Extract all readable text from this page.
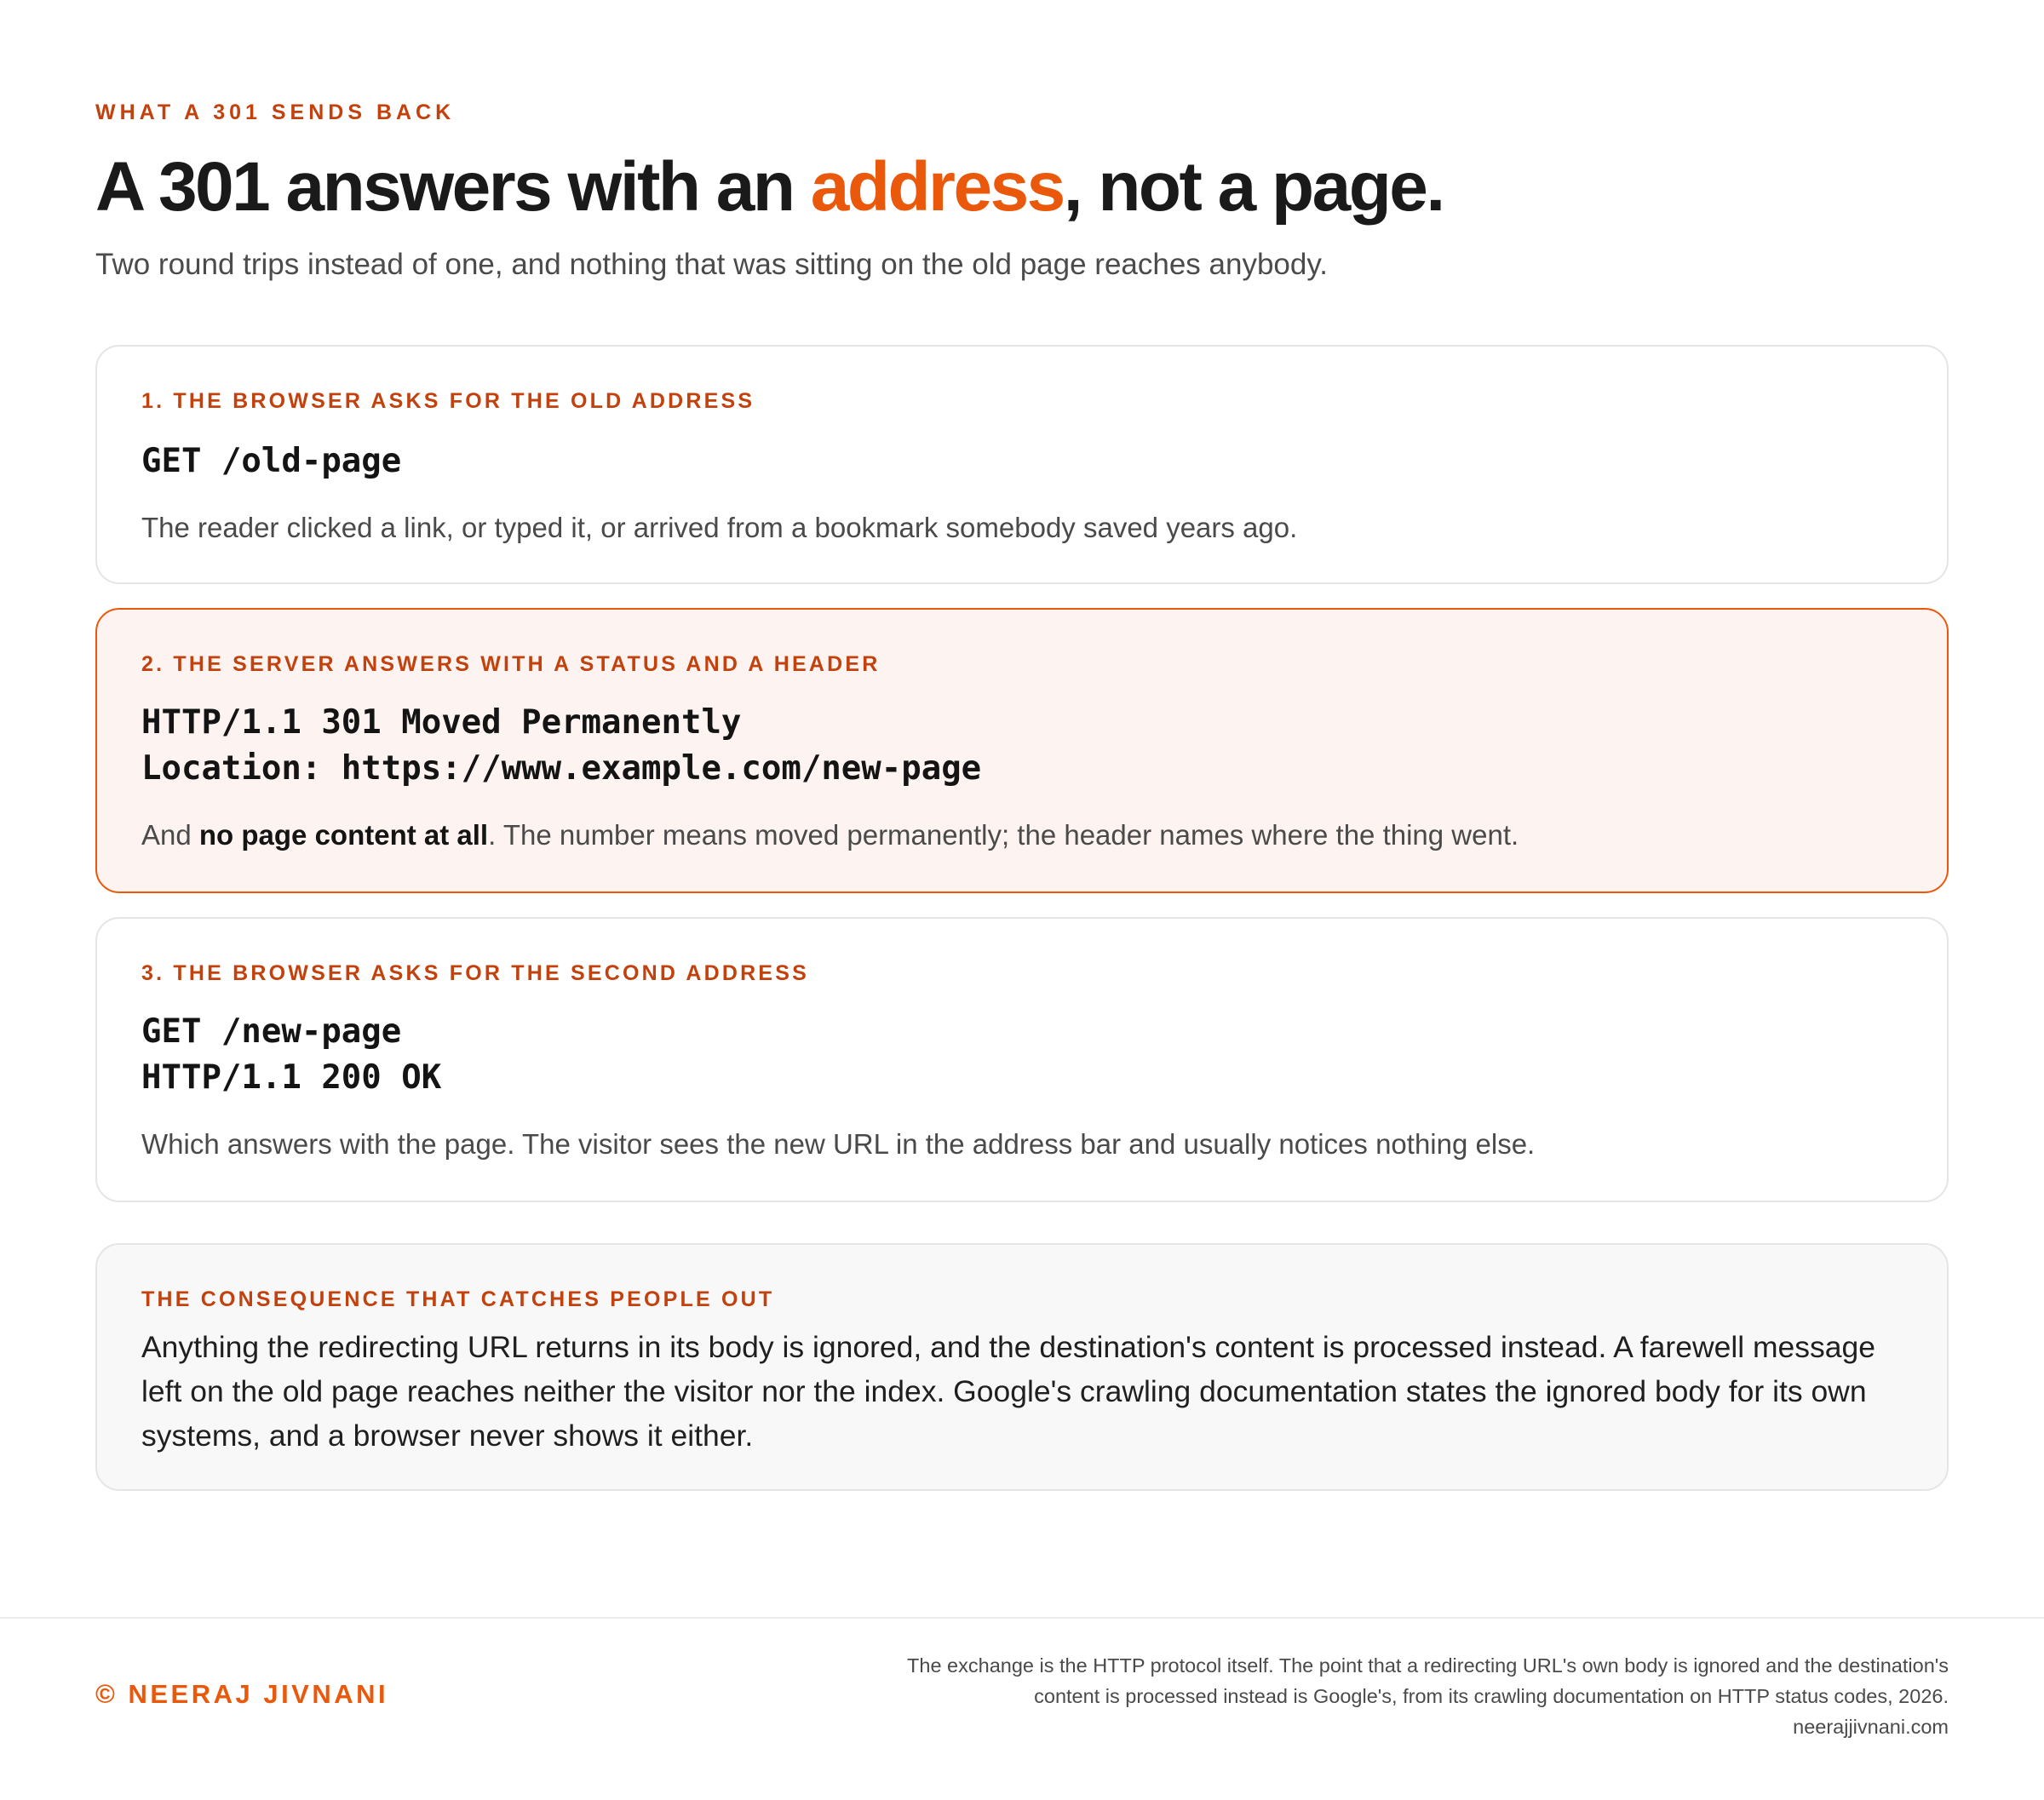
WHAT A 301 SENDS BACK
A 301 answers with an address, not a page.
Two round trips instead of one, and nothing that was sitting on the old page reaches anybody.
1. THE BROWSER ASKS FOR THE OLD ADDRESS
GET /old-page
The reader clicked a link, or typed it, or arrived from a bookmark somebody saved years ago.
2. THE SERVER ANSWERS WITH A STATUS AND A HEADER
HTTP/1.1 301 Moved Permanently
Location: https://www.example.com/new-page
And no page content at all. The number means moved permanently; the header names where the thing went.
3. THE BROWSER ASKS FOR THE SECOND ADDRESS
GET /new-page
HTTP/1.1 200 OK
Which answers with the page. The visitor sees the new URL in the address bar and usually notices nothing else.
THE CONSEQUENCE THAT CATCHES PEOPLE OUT
Anything the redirecting URL returns in its body is ignored, and the destination's content is processed instead. A farewell message left on the old page reaches neither the visitor nor the index. Google's crawling documentation states the ignored body for its own systems, and a browser never shows it either.
© NEERAJ JIVNANI
The exchange is the HTTP protocol itself. The point that a redirecting URL's own body is ignored and the destination's
content is processed instead is Google's, from its crawling documentation on HTTP status codes, 2026.
neerajjivnani.com
